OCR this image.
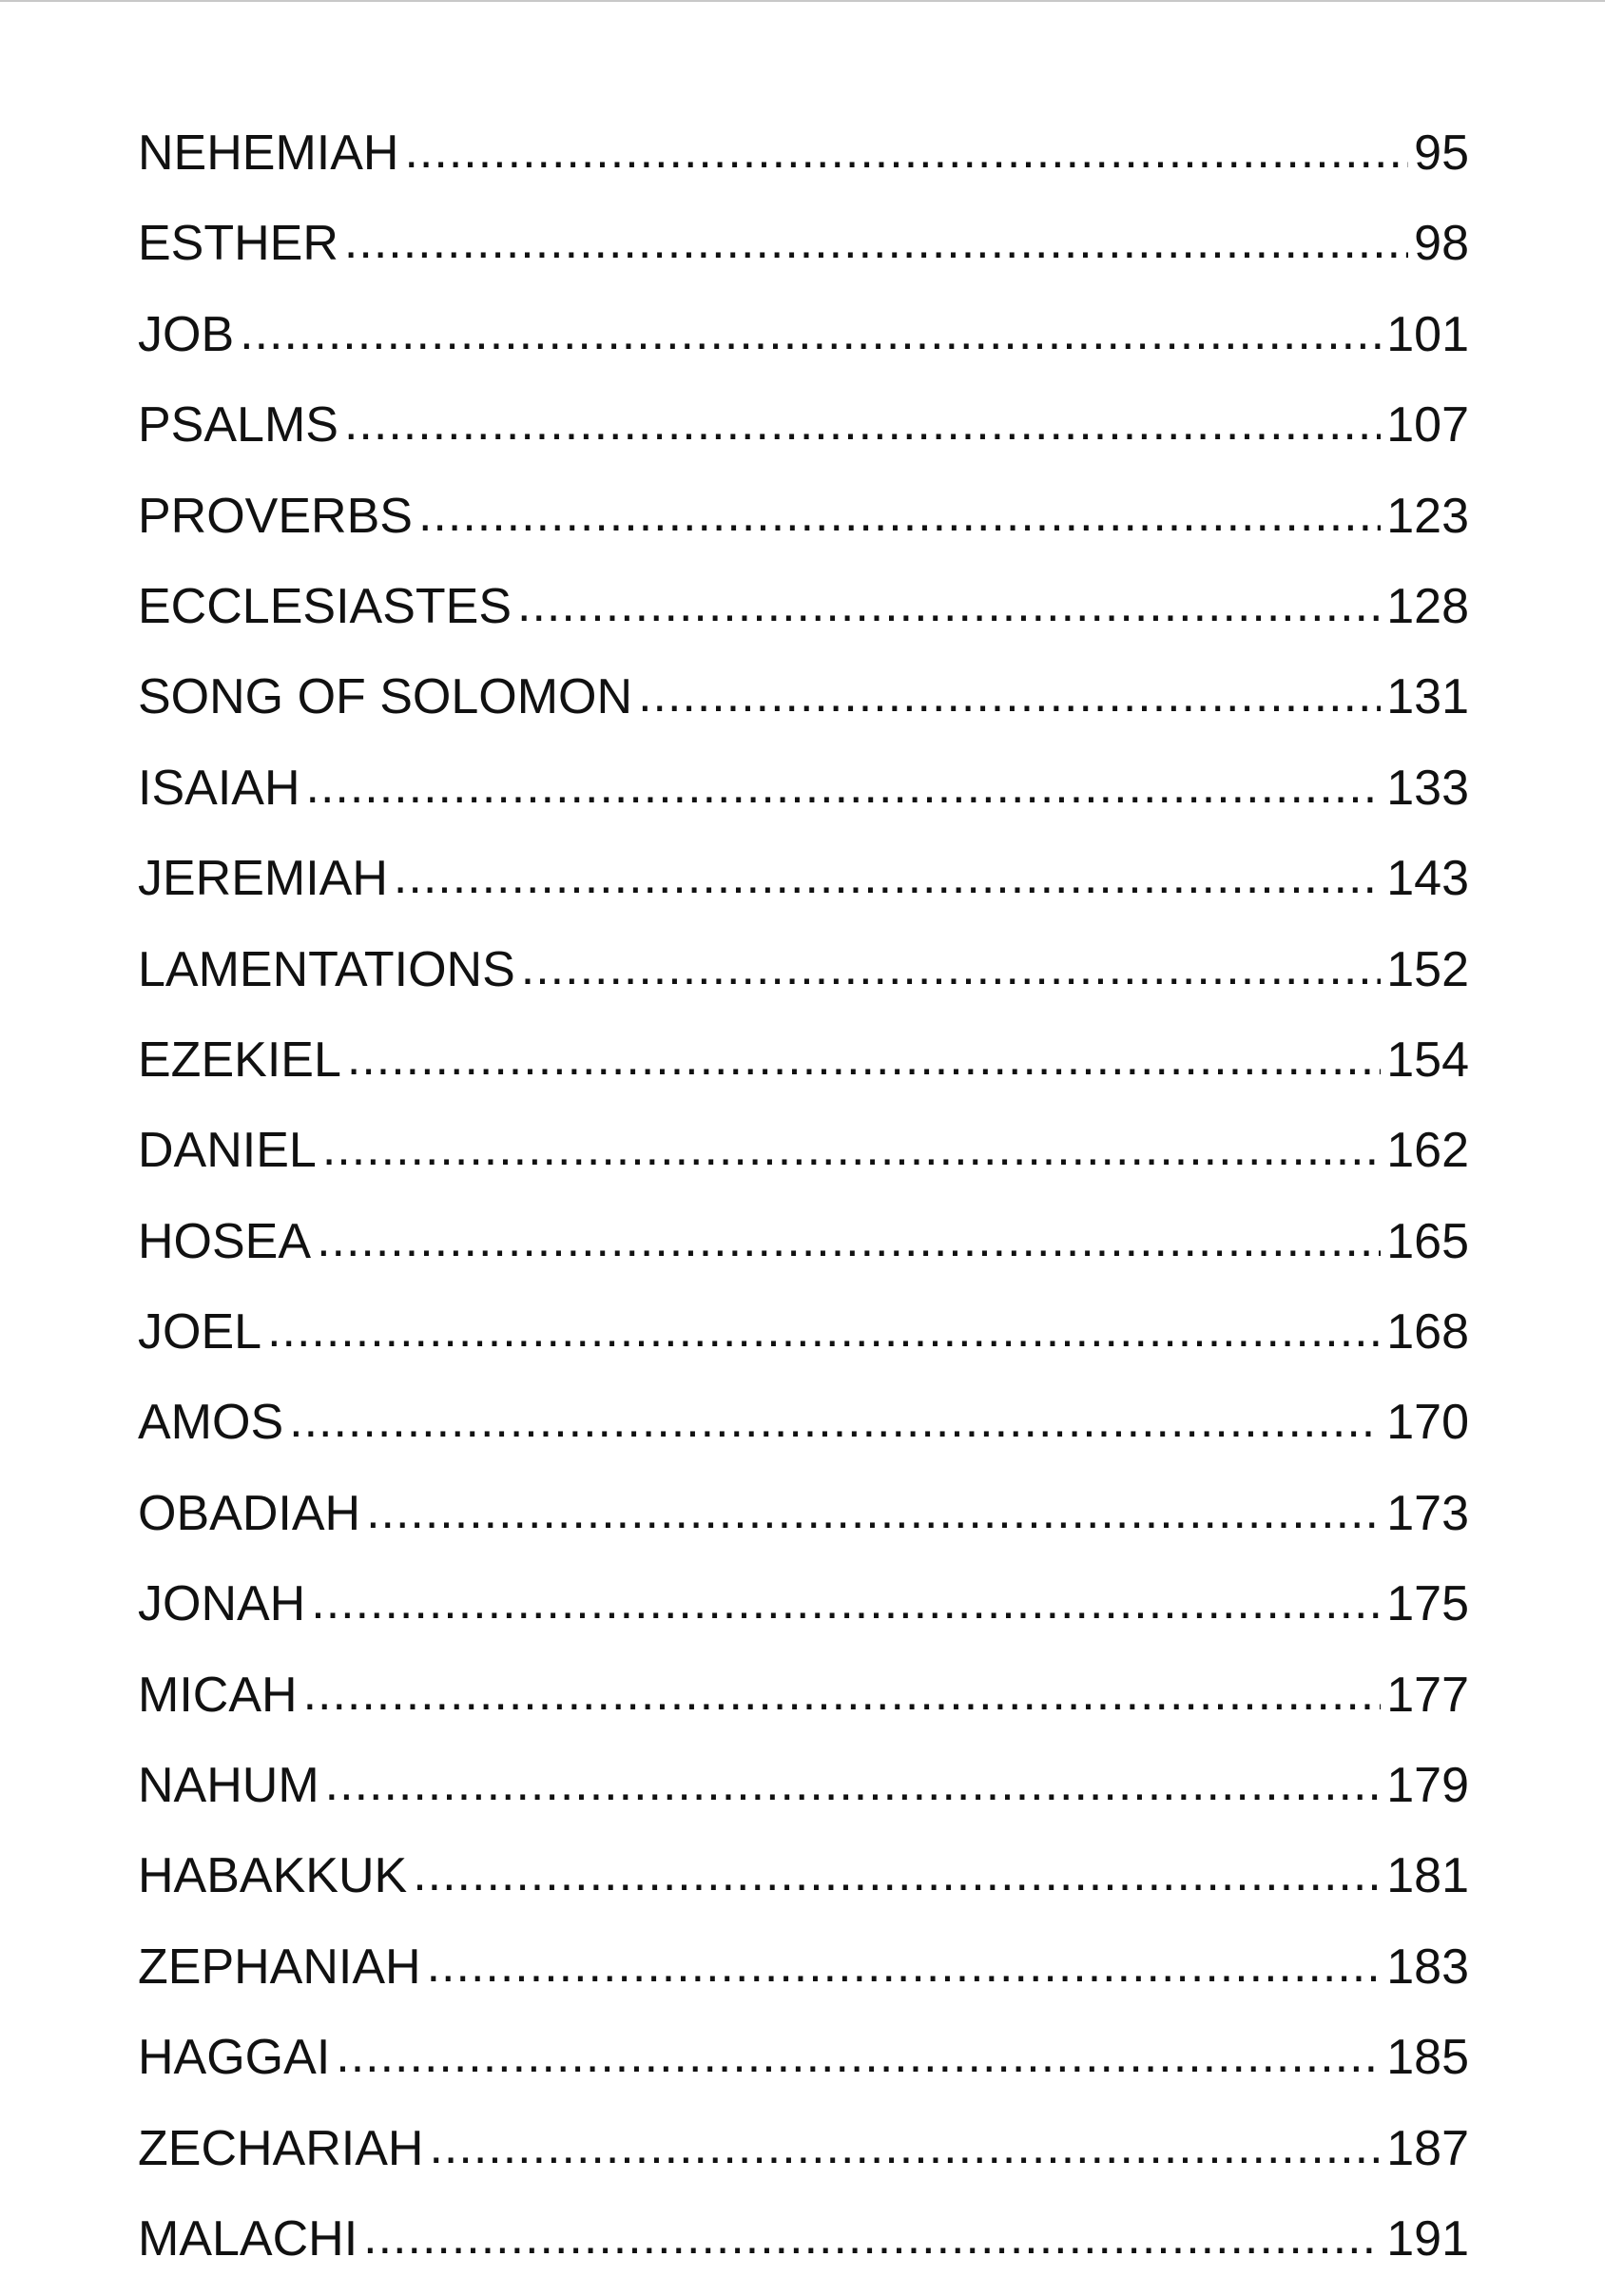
NEHEMIAH .....	95
ESTHER .....	98
JOB .....	101
PSALMS .....	107
PROVERBS .....	123
ECCLESIASTES .....	128
SONG OF SOLOMON .....	131
ISAIAH .....	133
JEREMIAH .....	143
LAMENTATIONS .....	152
EZEKIEL .....	154
DANIEL .....	162
HOSEA .....	165
JOEL .....	168
AMOS .....	170
OBADIAH .....	173
JONAH .....	175
MICAH .....	177
NAHUM .....	179
HABAKKUK .....	181
ZEPHANIAH .....	183
HAGGAI .....	185
ZECHARIAH .....	187
MALACHI .....	191
